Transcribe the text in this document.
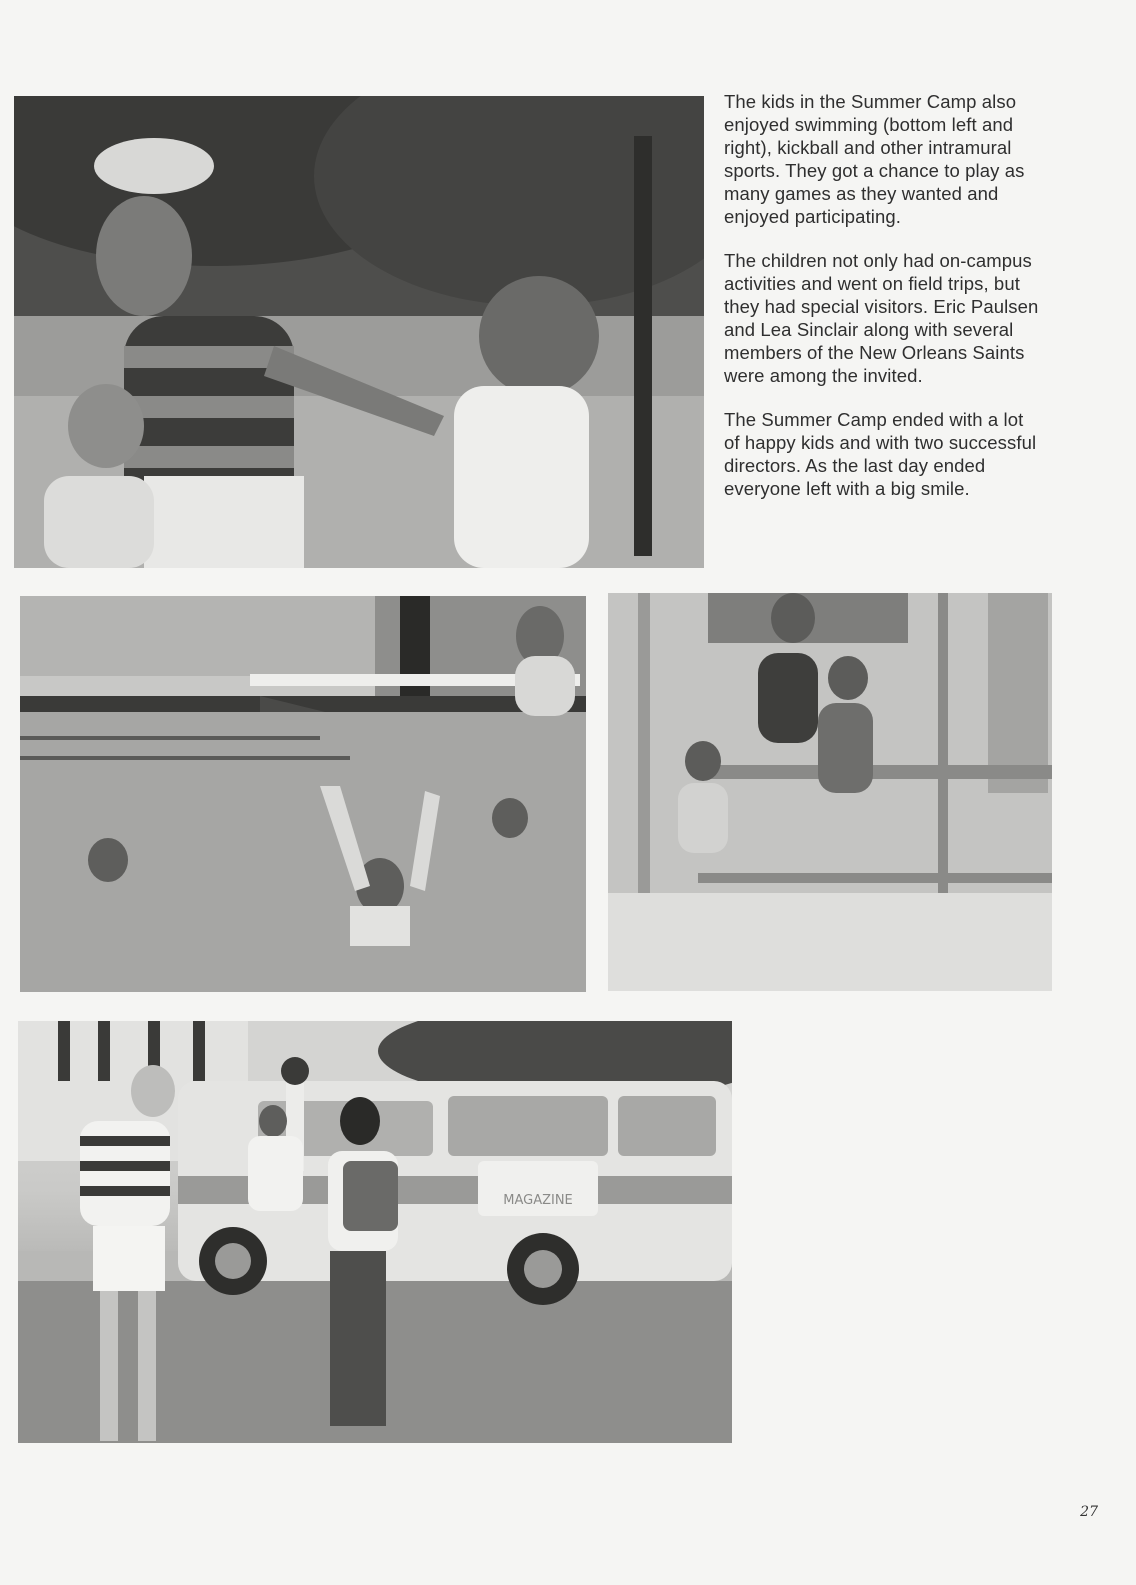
The kids in the Summer Camp also enjoyed swimming (bottom left and right), kickball and other intramural sports. They got a chance to play as many games as they wanted and enjoyed participating.

The children not only had on-campus activities and went on field trips, but they had special visitors. Eric Paulsen and Lea Sinclair along with several members of the New Orleans Saints were among the invited.

The Summer Camp ended with a lot of happy kids and with two successful directors. As the last day ended everyone left with a big smile.

MAGAZINE
27
